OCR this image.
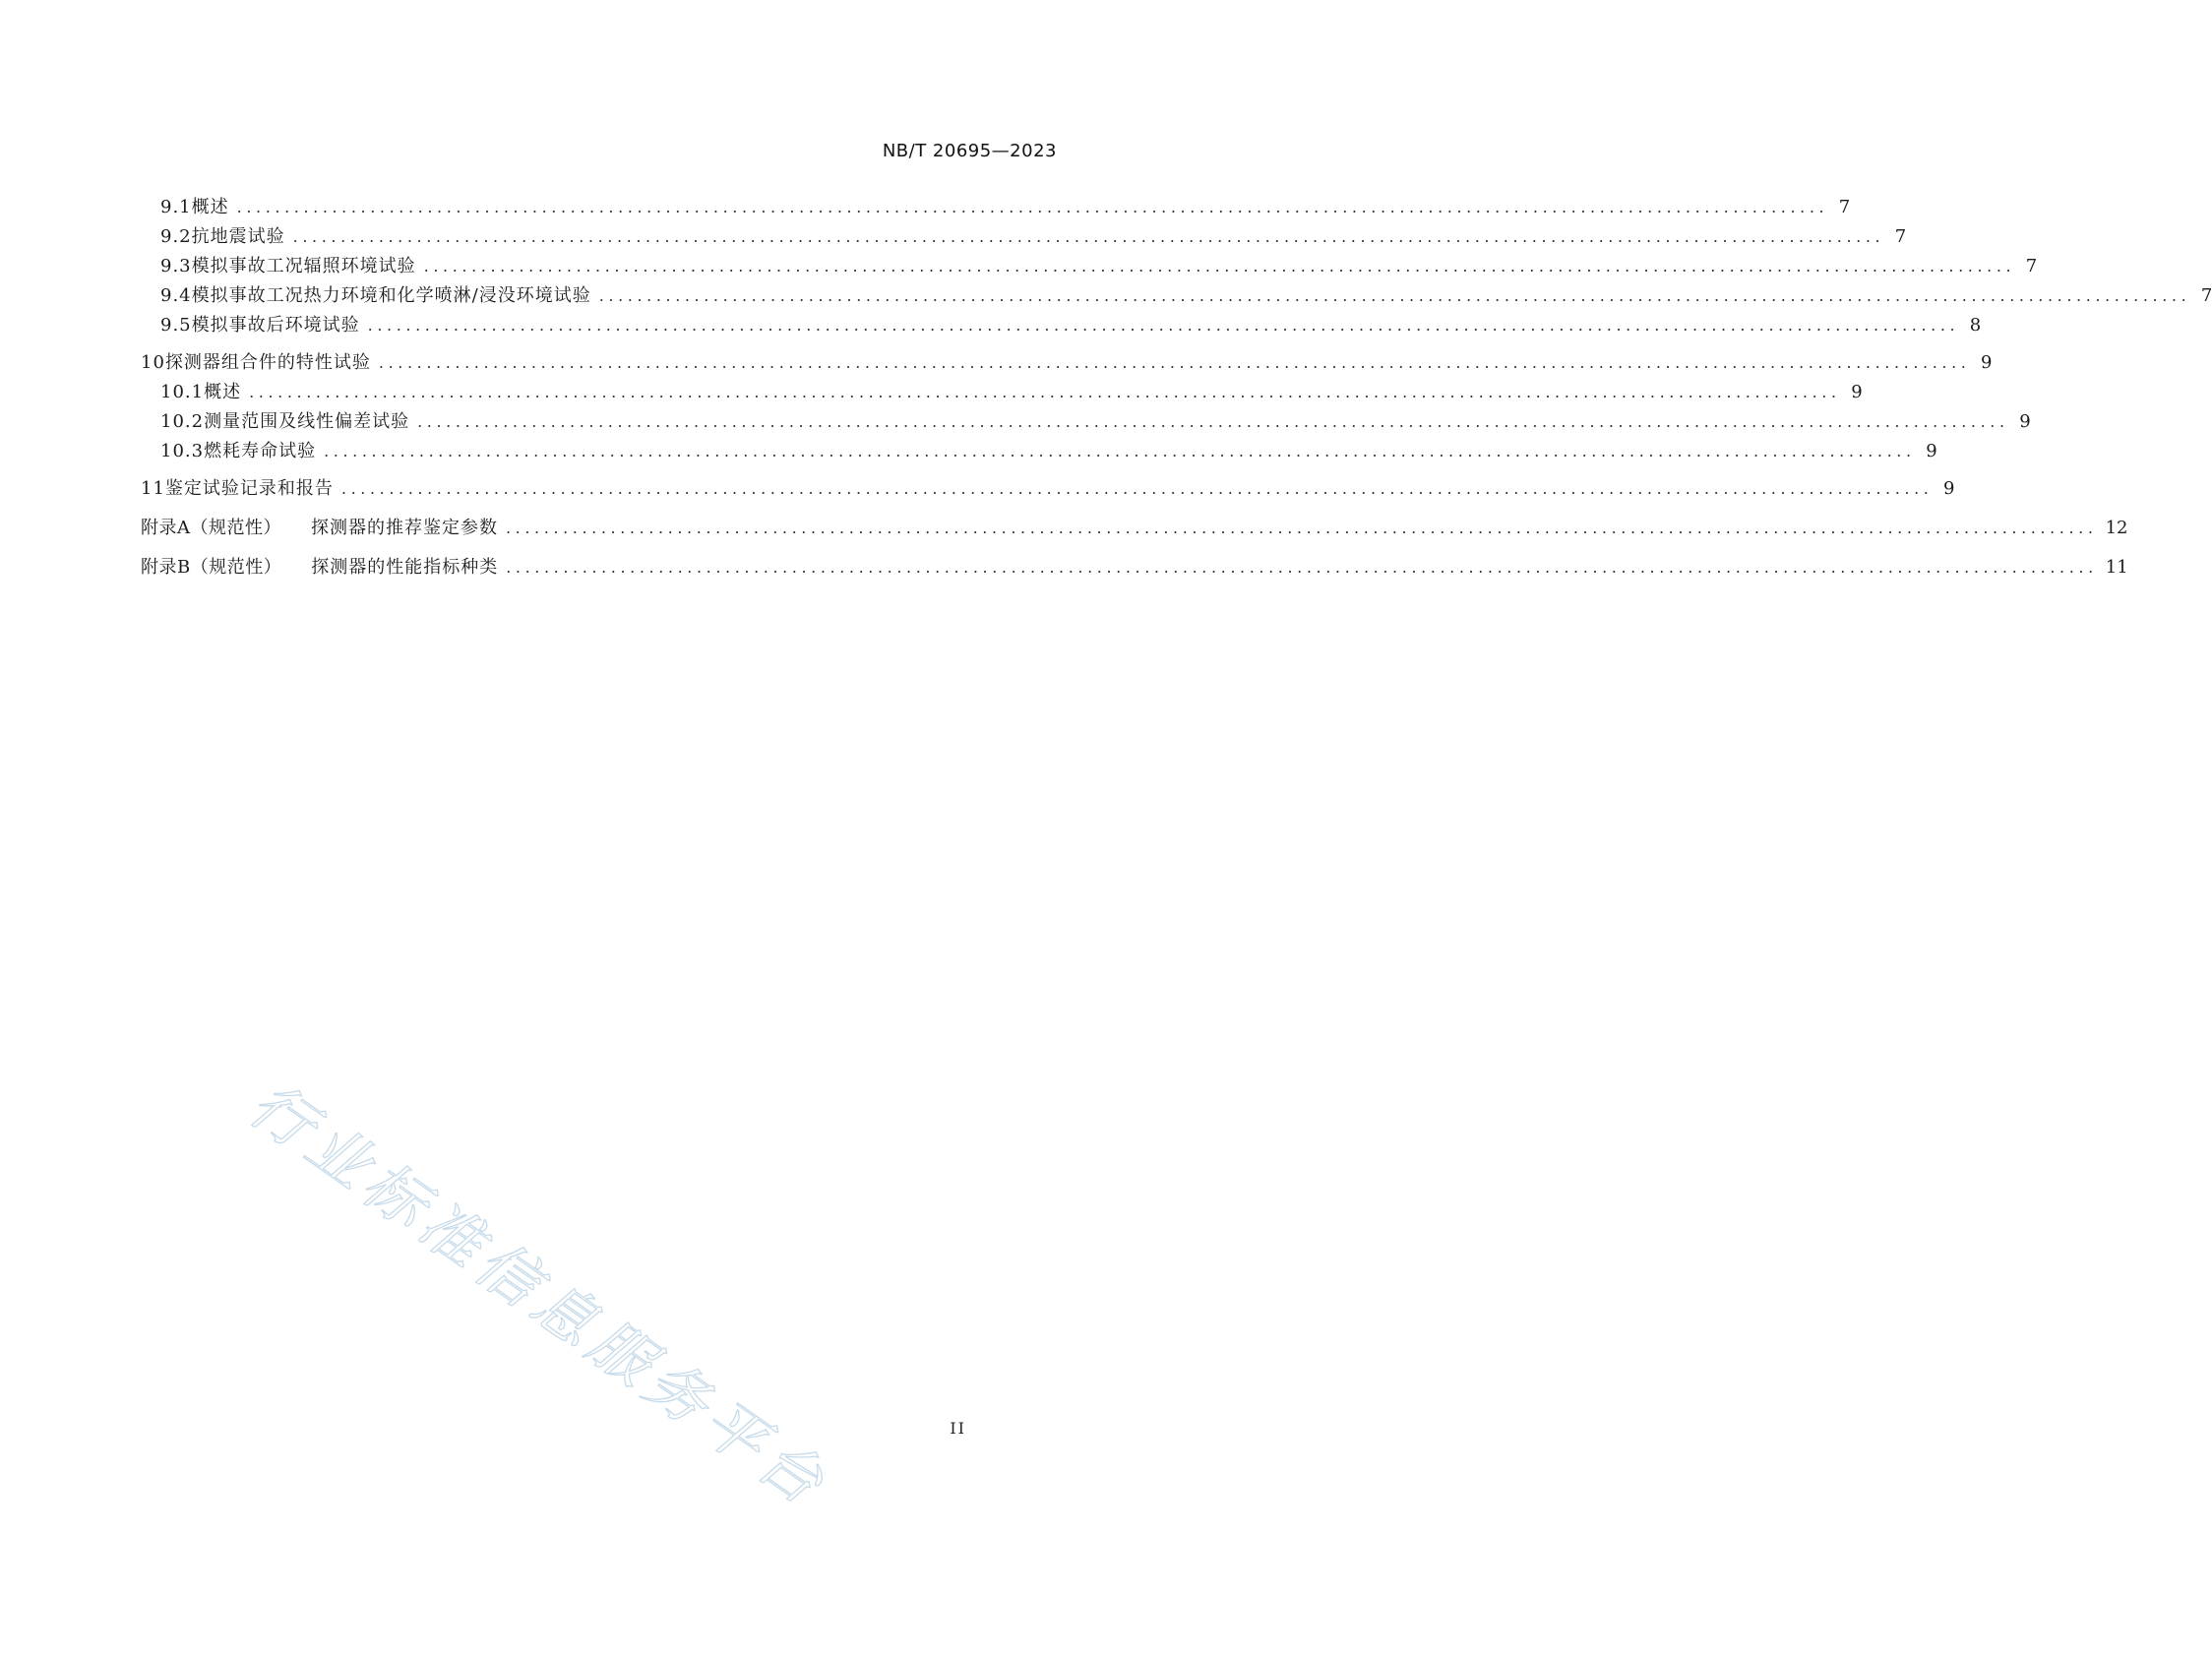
NB/T 20695—2023
9.1 概述 ....................................................................................................................................................................... 7
9.2 抗地震试验 ....................................................................................................................................................................... 7
9.3 模拟事故工况辐照环境试验 ....................................................................................................................................................................... 7
9.4 模拟事故工况热力环境和化学喷淋/浸没环境试验 ....................................................................................................................................................................... 7
9.5 模拟事故后环境试验 ....................................................................................................................................................................... 8
10 探测器组合件的特性试验 ....................................................................................................................................................................... 9
10.1 概述 ....................................................................................................................................................................... 9
10.2 测量范围及线性偏差试验 ....................................................................................................................................................................... 9
10.3 燃耗寿命试验 ....................................................................................................................................................................... 9
11 鉴定试验记录和报告 ....................................................................................................................................................................... 9
附录A（规范性） 探测器的推荐鉴定参数 ....................................................................................................................................................................... 12
附录B（规范性） 探测器的性能指标种类 ....................................................................................................................................................................... 11
行业标准信息服务平台	II
